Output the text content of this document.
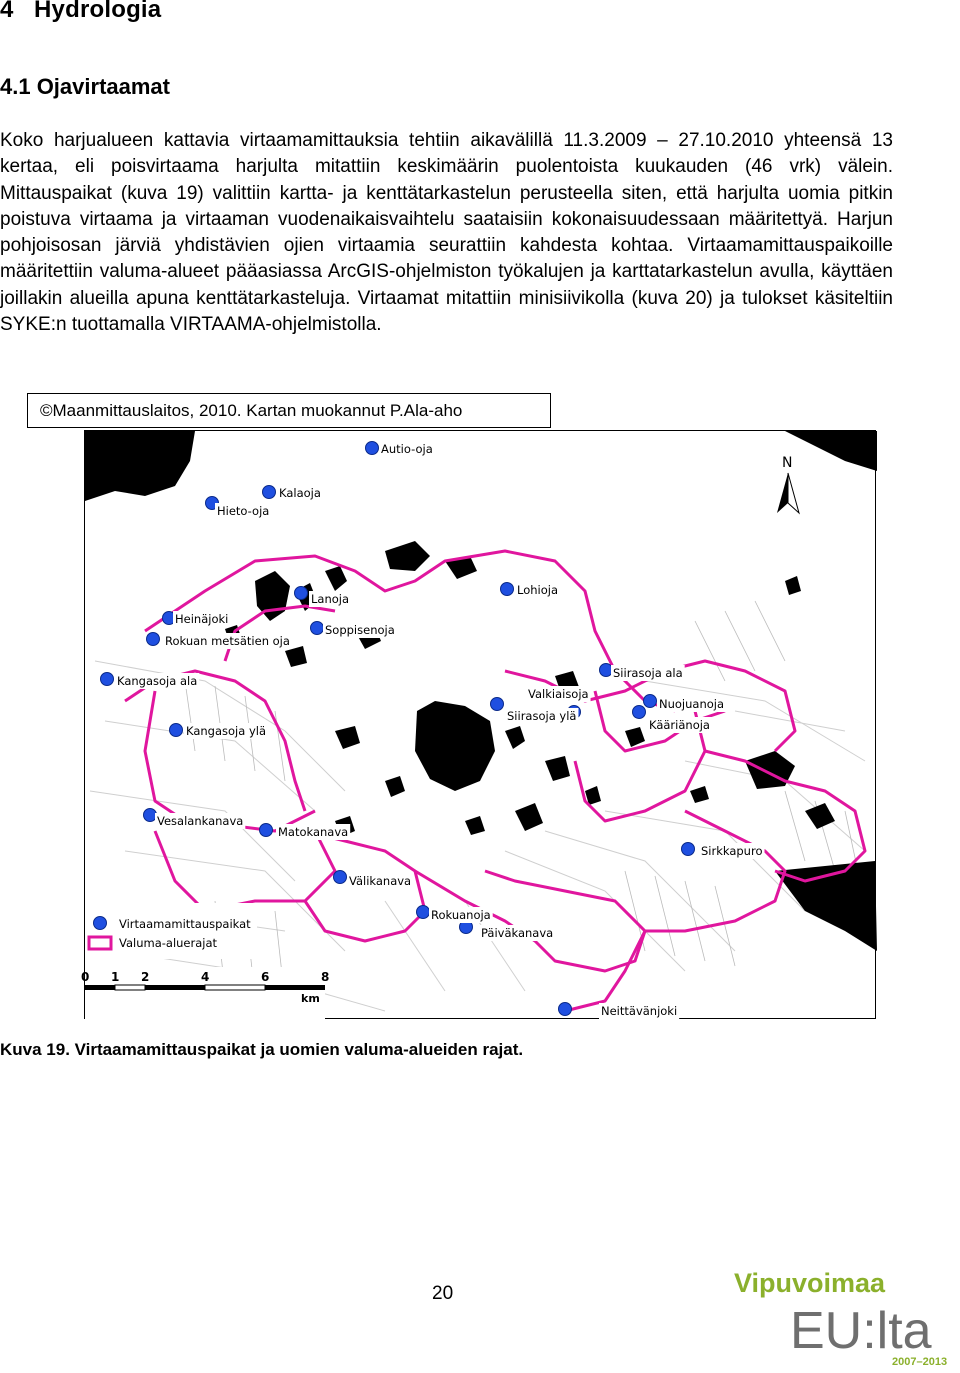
4 Hydrologia
4.1 Ojavirtaamat

Koko harjualueen kattavia virtaamamittauksia tehtiin aikavälillä 11.3.2009 – 27.10.2010 yhteensä 13 kertaa, eli poisvirtaama harjulta mitattiin keskimäärin puolentoista kuukauden (46 vrk) välein. Mittauspaikat (kuva 19) valittiin kartta- ja kenttätarkastelun perusteella siten, että harjulta uomia pitkin poistuva virtaama ja virtaaman vuodenaikaisvaihtelu saataisiin kokonaisuudessaan määritettyä. Harjun pohjoisosan järviä yhdistävien ojien virtaamia seurattiin kahdesta kohtaa. Virtaamamittauspaikoille määritettiin valuma-alueet pääasiassa ArcGIS-ohjelmiston työkalujen ja karttatarkastelun avulla, käyttäen joillakin alueilla apuna kenttätarkasteluja. Virtaamat mitattiin minisiivikolla (kuva 20) ja tulokset käsiteltiin SYKE:n tuottamalla VIRTAAMA-ohjelmistolla.

©Maanmittauslaitos, 2010. Kartan muokannut P.Ala-aho
Autio-oja
Kalaoja
Hieto-oja
Lanoja
Lohioja
Heinäjoki
Rokuan metsätien oja
Soppisenoja
Siirasoja ala
Kangasoja ala
Valkiaisoja
Siirasoja ylä
Nuojuanoja
Kääriänoja
Kangasoja ylä
Vesalankanava
Matokanava
Sirkkapuro
Välikanava
Rokuanoja
Päiväkanava
Neittävänjoki
N
Virtaamamittauspaikat
Valuma-aluerajat
0 1 2	4	6	8
km
Kuva 19. Virtaamamittauspaikat ja uomien valuma-alueiden rajat.
20	Vipuvoimaa
EU:lta
2007–2013
